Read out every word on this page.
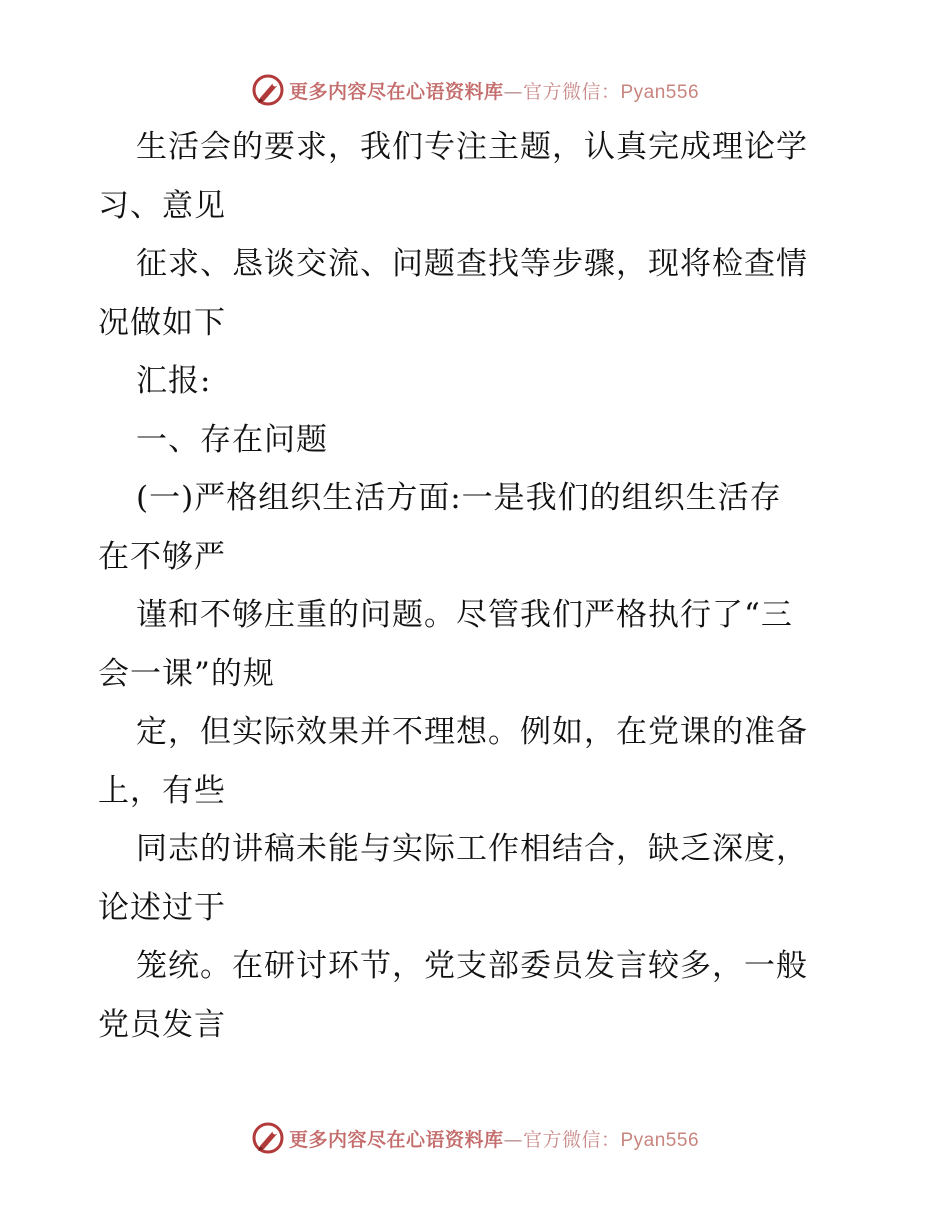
更多内容尽在心语资料库—官方微信：Pyan556
生活会的要求，我们专注主题，认真完成理论学
习、意见
征求、恳谈交流、问题查找等步骤，现将检查情
况做如下
汇报:
一、存在问题
(一)严格组织生活方面:一是我们的组织生活存
在不够严
谨和不够庄重的问题。尽管我们严格执行了“三
会一课”的规
定，但实际效果并不理想。例如，在党课的准备
上，有些
同志的讲稿未能与实际工作相结合，缺乏深度，
论述过于
笼统。在研讨环节，党支部委员发言较多，一般
党员发言
更多内容尽在心语资料库—官方微信：Pyan556
